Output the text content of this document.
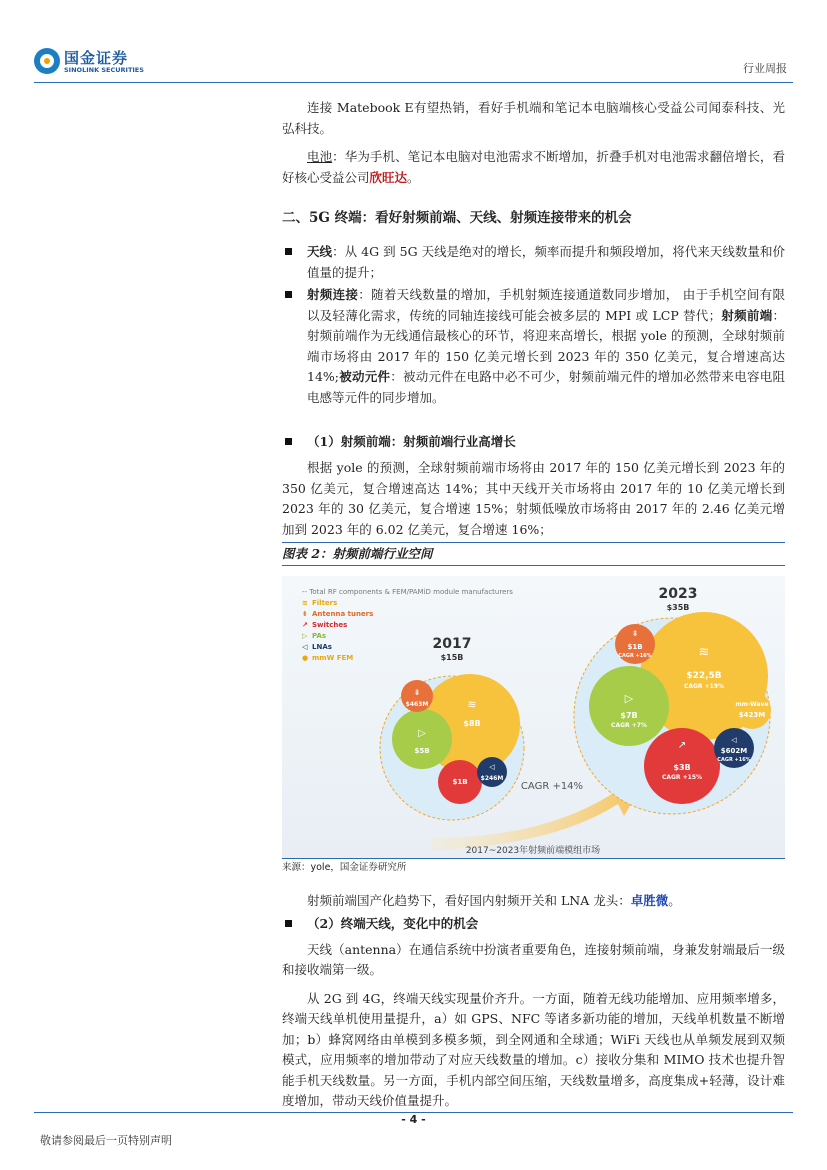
国金证券
SINOLINK SECURITIES	行业周报

连接 Matebook E有望热销，看好手机端和笔记本电脑端核心受益公司闻泰科技、光弘科技。

电池：华为手机、笔记本电脑对电池需求不断增加，折叠手机对电池需求翻倍增长，看好核心受益公司欣旺达。

二、5G 终端：看好射频前端、天线、射频连接带来的机会
天线：从 4G 到 5G 天线是绝对的增长，频率而提升和频段增加，将代来天线数量和价值量的提升；
射频连接：随着天线数量的增加，手机射频连接通道数同步增加， 由于手机空间有限以及轻薄化需求，传统的同轴连接线可能会被多层的 MPI 或 LCP 替代；射频前端：射频前端作为无线通信最核心的环节，将迎来高增长，根据 yole 的预测，全球射频前端市场将由 2017 年的 150 亿美元增长到 2023 年的 350 亿美元，复合增速高达 14%;被动元件：被动元件在电路中必不可少，射频前端元件的增加必然带来电容电阻电感等元件的同步增加。
（1）射频前端：射频前端行业高增长

根据 yole 的预测，全球射频前端市场将由 2017 年的 150 亿美元增长到 2023 年的 350 亿美元，复合增速高达 14%；其中天线开关市场将由 2017 年的 10 亿美元增长到 2023 年的 30 亿美元，复合增速 15%；射频低噪放市场将由 2017 年的 2.46 亿美元增加到 2023 年的 6.02 亿美元，复合增速 16%；

图表 2：射频前端行业空间
-- Total RF components & FEM/PAMiD module manufacturers
≋ Filters
⇟ Antenna tuners
↗ Switches
▷ PAs
◁ LNAs
● mmW FEM
2017
$15B
≋
$8B
▷
$5B
$1B
◁
$246M
⇟
$463M
CAGR +14%
2023
$35B
≋
$22,5B
CAGR +19%
▷
$7B
CAGR +7%
↗
$3B
CAGR +15%
⇟
$1B
CAGR +16%
◁
$602M
CAGR +16%
mm-Wave
$423M
2017~2023年射频前端模组市场
来源：yole，国金证券研究所

射频前端国产化趋势下，看好国内射频开关和 LNA 龙头：卓胜微。

（2）终端天线，变化中的机会

天线（antenna）在通信系统中扮演者重要角色，连接射频前端，身兼发射端最后一级和接收端第一级。

从 2G 到 4G，终端天线实现量价齐升。一方面，随着无线功能增加、应用频率增多，终端天线单机使用量提升，a）如 GPS、NFC 等诸多新功能的增加，天线单机数量不断增加；b）蜂窝网络由单模到多模多频，到全网通和全球通；WiFi 天线也从单频发展到双频模式，应用频率的增加带动了对应天线数量的增加。c）接收分集和 MIMO 技术也提升智能手机天线数量。另一方面，手机内部空间压缩，天线数量增多，高度集成+轻薄，设计难度增加，带动天线价值量提升。

- 4 -
敬请参阅最后一页特别声明
